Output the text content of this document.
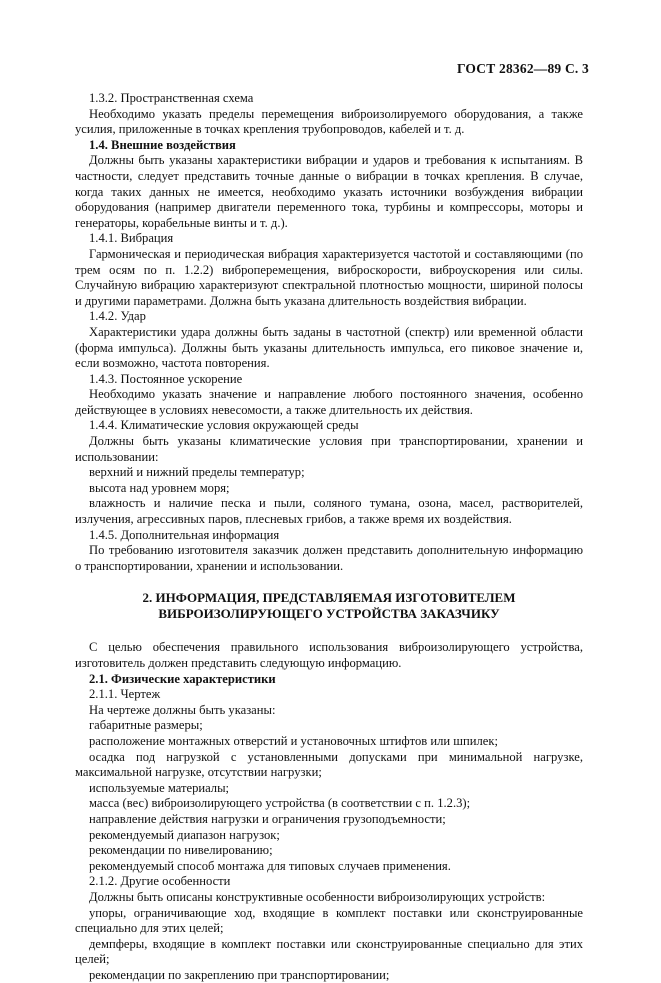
ГОСТ 28362—89 С. 3

1.3.2. Пространственная схема

Необходимо указать пределы перемещения виброизолируемого оборудования, а также усилия, приложенные в точках крепления трубопроводов, кабелей и т. д.

1.4. Внешние воздействия

Должны быть указаны характеристики вибрации и ударов и требования к испытаниям. В частности, следует представить точные данные о вибрации в точках крепления. В случае, когда таких данных не имеется, необходимо указать источники возбуждения вибрации оборудования (например двигатели переменного тока, турбины и компрессоры, моторы и генераторы, корабельные винты и т. д.).

1.4.1. Вибрация

Гармоническая и периодическая вибрация характеризуется частотой и составляющими (по трем осям по п. 1.2.2) виброперемещения, виброскорости, виброускорения или силы. Случайную вибрацию характеризуют спектральной плотностью мощности, шириной полосы и другими параметрами. Должна быть указана длительность воздействия вибрации.

1.4.2. Удар

Характеристики удара должны быть заданы в частотной (спектр) или временной области (форма импульса). Должны быть указаны длительность импульса, его пиковое значение и, если возможно, частота повторения.

1.4.3. Постоянное ускорение

Необходимо указать значение и направление любого постоянного значения, особенно действующее в условиях невесомости, а также длительность их действия.

1.4.4. Климатические условия окружающей среды

Должны быть указаны климатические условия при транспортировании, хранении и использовании:

верхний и нижний пределы температур;

высота над уровнем моря;

влажность и наличие песка и пыли, соляного тумана, озона, масел, растворителей, излучения, агрессивных паров, плесневых грибов, а также время их воздействия.

1.4.5. Дополнительная информация

По требованию изготовителя заказчик должен представить дополнительную информацию о транспортировании, хранении и использовании.

2. ИНФОРМАЦИЯ, ПРЕДСТАВЛЯЕМАЯ ИЗГОТОВИТЕЛЕМ
ВИБРОИЗОЛИРУЮЩЕГО УСТРОЙСТВА ЗАКАЗЧИКУ

С целью обеспечения правильного использования виброизолирующего устройства, изготовитель должен представить следующую информацию.

2.1. Физические характеристики

2.1.1. Чертеж

На чертеже должны быть указаны:

габаритные размеры;

расположение монтажных отверстий и установочных штифтов или шпилек;

осадка под нагрузкой с установленными допусками при минимальной нагрузке, максимальной нагрузке, отсутствии нагрузки;

используемые материалы;

масса (вес) виброизолирующего устройства (в соответствии с п. 1.2.3);

направление действия нагрузки и ограничения грузоподъемности;

рекомендуемый диапазон нагрузок;

рекомендации по нивелированию;

рекомендуемый способ монтажа для типовых случаев применения.

2.1.2. Другие особенности

Должны быть описаны конструктивные особенности виброизолирующих устройств:

упоры, ограничивающие ход, входящие в комплект поставки или сконструированные специально для этих целей;

демпферы, входящие в комплект поставки или сконструированные специально для этих целей;

рекомендации по закреплению при транспортировании;
